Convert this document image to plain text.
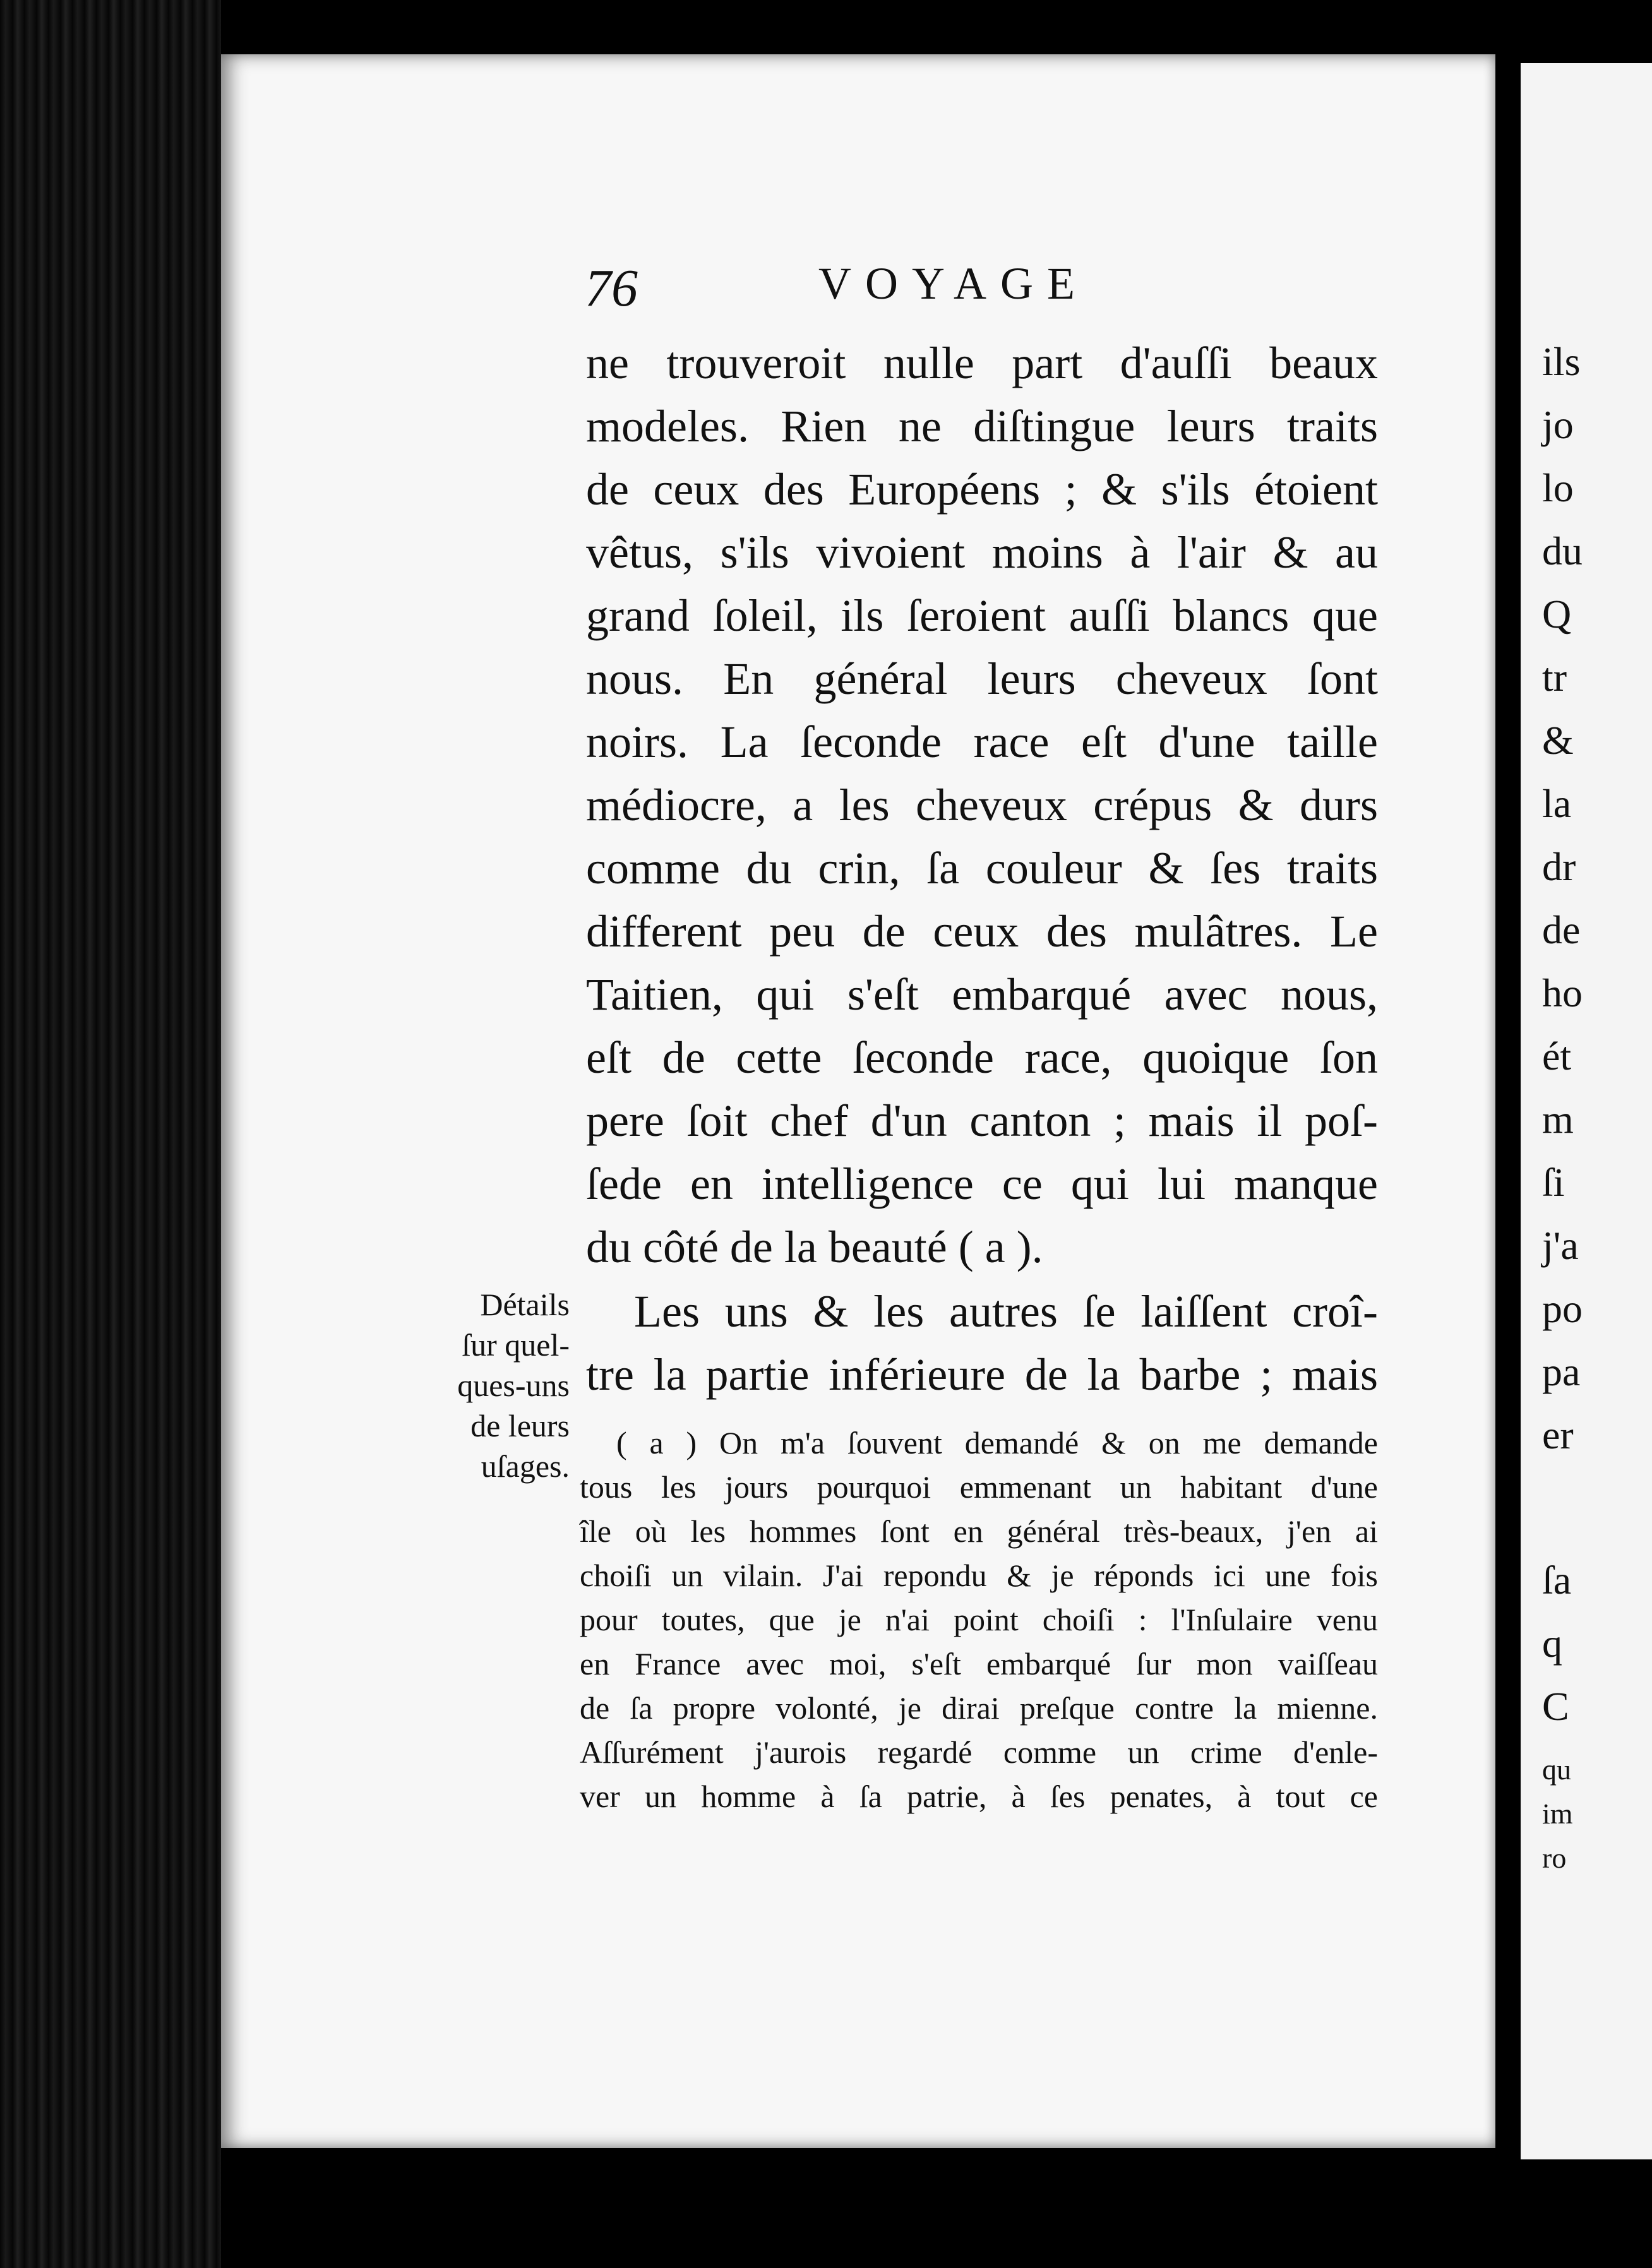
76	VOYAGE
ne trouveroit nulle part d'auſſi beaux
modeles. Rien ne diſtingue leurs traits
de ceux des Européens ; & s'ils étoient
vêtus, s'ils vivoient moins à l'air & au
grand ſoleil, ils ſeroient auſſi blancs que
nous. En général leurs cheveux ſont
noirs. La ſeconde race eſt d'une taille
médiocre, a les cheveux crépus & durs
comme du crin, ſa couleur & ſes traits
different peu de ceux des mulâtres. Le
Taitien, qui s'eſt embarqué avec nous,
eſt de cette ſeconde race, quoique ſon
pere ſoit chef d'un canton ; mais il poſ-
ſede en intelligence ce qui lui manque
du côté de la beauté ( a ).
Les uns & les autres ſe laiſſent croî-
tre la partie inférieure de la barbe ; mais
Détails
ſur quel-
ques-uns
de leurs
uſages.
( a ) On m'a ſouvent demandé & on me demande
tous les jours pourquoi emmenant un habitant d'une
île où les hommes ſont en général très-beaux, j'en ai
choiſi un vilain. J'ai repondu & je réponds ici une fois
pour toutes, que je n'ai point choiſi : l'Inſulaire venu
en France avec moi, s'eſt embarqué ſur mon vaiſſeau
de ſa propre volonté, je dirai preſque contre la mienne.
Aſſurément j'aurois regardé comme un crime d'enle-
ver un homme à ſa patrie, à ſes penates, à tout ce
ils
jo
lo
du
Q
tr
&
la
dr
de
ho
ét
m
ſi
j'a
po
pa
er
ſa
q
C
qu
im
ro
